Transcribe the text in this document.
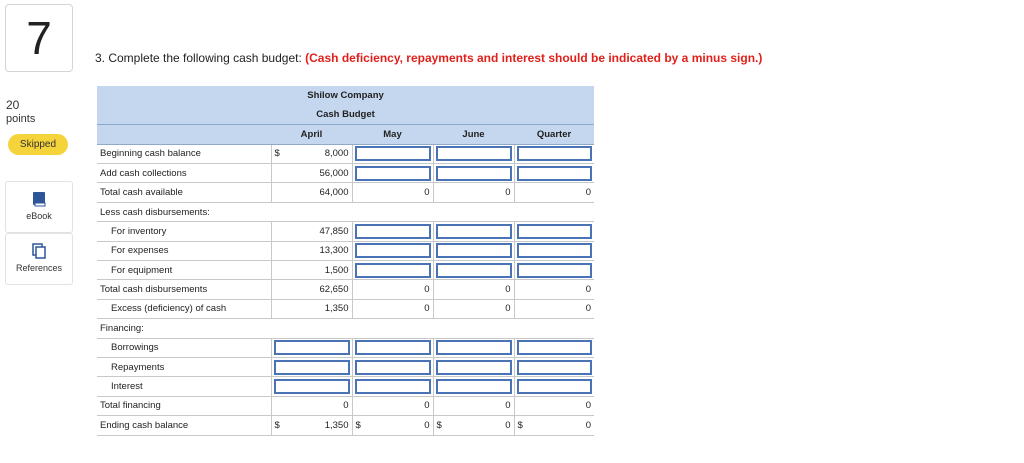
7
20
points
Skipped
eBook
References
3. Complete the following cash budget: (Cash deficiency, repayments and interest should be indicated by a minus sign.)
Shilow Company				
Cash Budget				
	April	May	June	Quarter
Beginning cash balance	$ 8,000	

Add cash collections	56,000	

Total cash available	64,000	0	0	0
Less cash disbursements:				
For inventory	47,850	

For expenses	13,300	

For equipment	1,500	

Total cash disbursements	62,650	0	0	0
Excess (deficiency) of cash	1,350	0	0	0
Financing:				
Borrowings	

Repayments	

Interest	

Total financing	0	0	0	0
Ending cash balance	$ 1,350	$ 0	$ 0	$ 0
